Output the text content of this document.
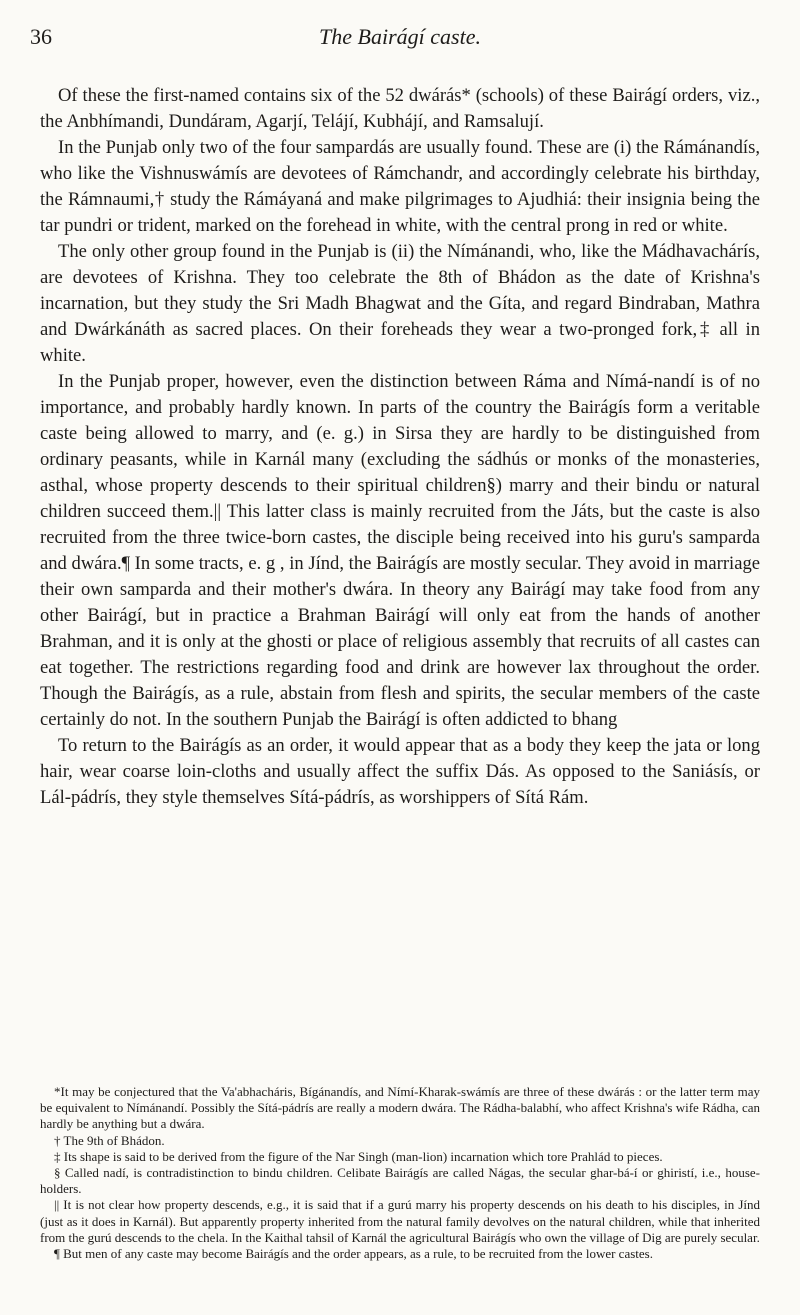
36	The Bairágí caste.

Of these the first-named contains six of the 52 dwárás* (schools) of these Bairágí orders, viz., the Anbhímandi, Dundáram, Agarjí, Telájí, Kubhájí, and Ramsalují.

In the Punjab only two of the four sampardás are usually found. These are (i) the Rámánandís, who like the Vishnuswámís are devotees of Rámchandr, and accordingly celebrate his birthday, the Rámnaumi,† study the Rámáyaná and make pilgrimages to Ajudhiá: their insignia being the tar pundri or trident, marked on the forehead in white, with the central prong in red or white.

The only other group found in the Punjab is (ii) the Nímánandi, who, like the Mádhavachárís, are devotees of Krishna. They too celebrate the 8th of Bhádon as the date of Krishna's incarnation, but they study the Sri Madh Bhagwat and the Gíta, and regard Bindraban, Mathra and Dwárkánáth as sacred places. On their foreheads they wear a two-pronged fork,‡ all in white.

In the Punjab proper, however, even the distinction between Ráma and Nímá-nandí is of no importance, and probably hardly known. In parts of the country the Bairágís form a veritable caste being allowed to marry, and (e. g.) in Sirsa they are hardly to be distinguished from ordinary peasants, while in Karnál many (excluding the sádhús or monks of the monasteries, asthal, whose property descends to their spiritual children§) marry and their bindu or natural children succeed them.|| This latter class is mainly recruited from the Játs, but the caste is also recruited from the three twice-born castes, the disciple being received into his guru's samparda and dwára.¶ In some tracts, e. g , in Jínd, the Bairágís are mostly secular. They avoid in marriage their own samparda and their mother's dwára. In theory any Bairágí may take food from any other Bairágí, but in practice a Brahman Bairágí will only eat from the hands of another Brahman, and it is only at the ghosti or place of religious assembly that recruits of all castes can eat together. The restrictions regarding food and drink are however lax throughout the order. Though the Bairágís, as a rule, abstain from flesh and spirits, the secular members of the caste certainly do not. In the southern Punjab the Bairágí is often addicted to bhang

To return to the Bairágís as an order, it would appear that as a body they keep the jata or long hair, wear coarse loin-cloths and usually affect the suffix Dás. As opposed to the Saniásís, or Lál-pádrís, they style themselves Sítá-pádrís, as worshippers of Sítá Rám.

*It may be conjectured that the Va'abhacháris, Bígánandís, and Nímí-Kharak-swámís are three of these dwárás : or the latter term may be equivalent to Nímánandí. Possibly the Sítá-pádrís are really a modern dwára. The Rádha-balabhí, who affect Krishna's wife Rádha, can hardly be anything but a dwára.

† The 9th of Bhádon.

‡ Its shape is said to be derived from the figure of the Nar Singh (man-lion) incarnation which tore Prahlád to pieces.

§ Called nadí, is contradistinction to bindu children. Celibate Bairágís are called Nágas, the secular ghar-bá-í or ghiristí, i.e., house-holders.

|| It is not clear how property descends, e.g., it is said that if a gurú marry his property descends on his death to his disciples, in Jínd (just as it does in Karnál). But apparently property inherited from the natural family devolves on the natural children, while that inherited from the gurú descends to the chela. In the Kaithal tahsil of Karnál the agricultural Bairágís who own the village of Dig are purely secular.

¶ But men of any caste may become Bairágís and the order appears, as a rule, to be recruited from the lower castes.
